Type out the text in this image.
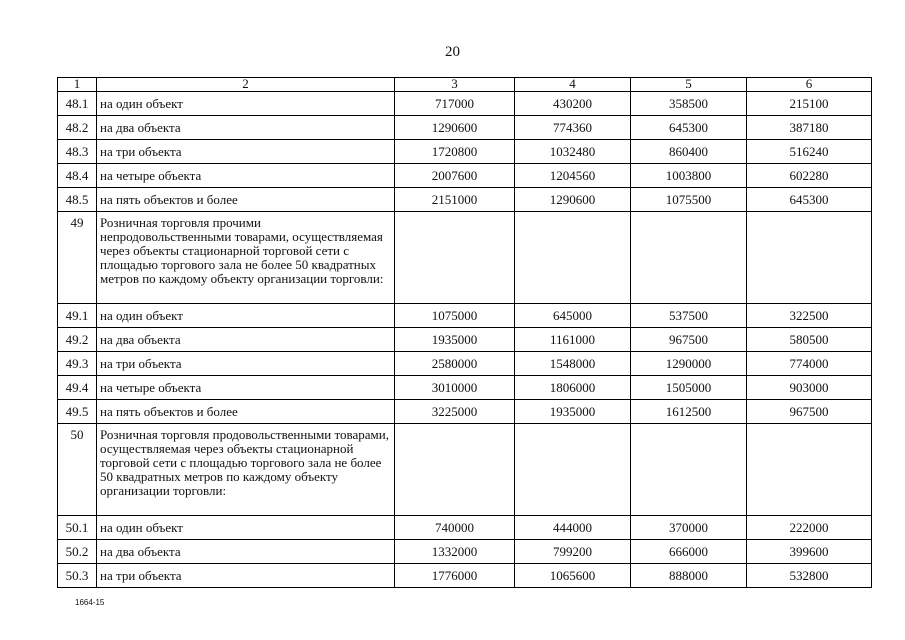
20
1	2	3	4	5	6
48.1	на один объект	717000	430200	358500	215100
48.2	на два объекта	1290600	774360	645300	387180
48.3	на три объекта	1720800	1032480	860400	516240
48.4	на четыре объекта	2007600	1204560	1003800	602280
48.5	на пять объектов и более	2151000	1290600	1075500	645300
49	Розничная торговля прочими непродовольственными товарами, осуществляемая через объекты стационарной торговой сети с площадью торгового зала не более 50 квадратных метров по каждому объекту организации торговли:				
49.1	на один объект	1075000	645000	537500	322500
49.2	на два объекта	1935000	1161000	967500	580500
49.3	на три объекта	2580000	1548000	1290000	774000
49.4	на четыре объекта	3010000	1806000	1505000	903000
49.5	на пять объектов и более	3225000	1935000	1612500	967500
50	Розничная торговля продовольственными товарами, осуществляемая через объекты стационарной торговой сети с площадью торгового зала не более 50 квадратных метров по каждому объекту организации торговли:				
50.1	на один объект	740000	444000	370000	222000
50.2	на два объекта	1332000	799200	666000	399600
50.3	на три объекта	1776000	1065600	888000	532800
1664-15
